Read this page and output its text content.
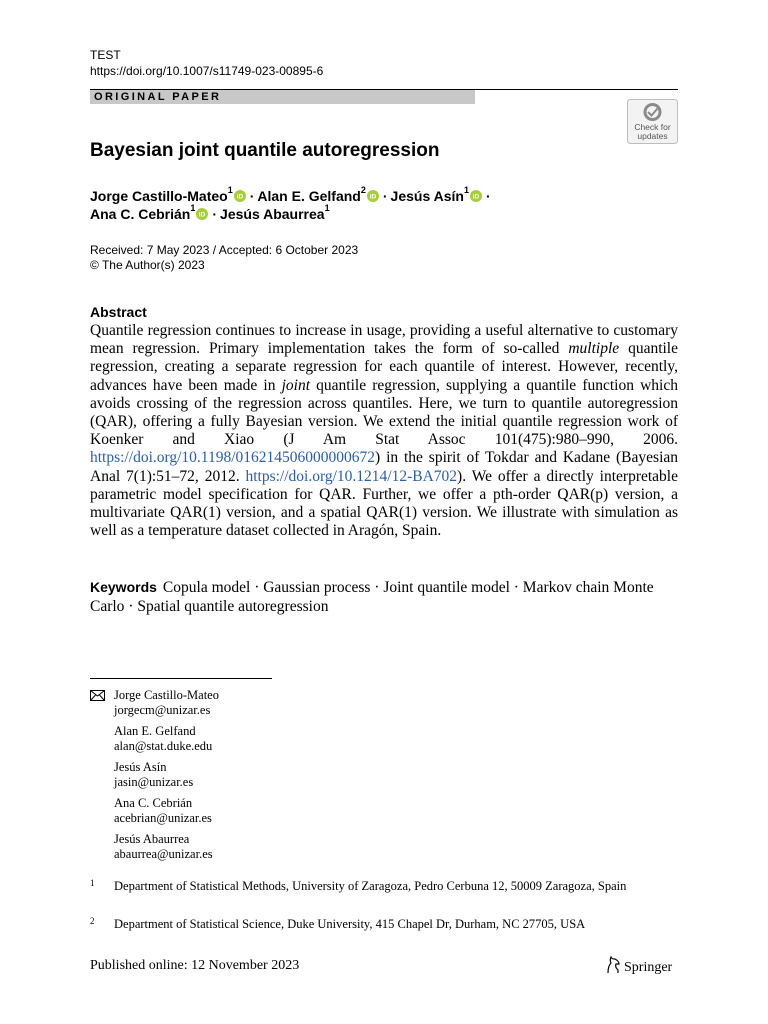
TEST
https://doi.org/10.1007/s11749-023-00895-6
ORIGINAL PAPER
Check for
updates
Bayesian joint quantile autoregression
Jorge Castillo-Mateo$^1$
iD · Alan E. Gelfand$^2$
iD · Jesús Asín$^1$
iD ·
Ana C. Cebrián$^1$
iD · Jesús Abaurrea$^1$
Received: 7 May 2023 / Accepted: 6 October 2023
© The Author(s) 2023
Abstract
Quantile regression continues to increase in usage, providing a useful alternative to customary mean regression. Primary implementation takes the form of so-called multiple quantile regression, creating a separate regression for each quantile of interest. However, recently, advances have been made in joint quantile regression, supplying a quantile function which avoids crossing of the regression across quantiles. Here, we turn to quantile autoregression (QAR), offering a fully Bayesian version. We extend the initial quantile regression work of Koenker and Xiao (J Am Stat Assoc 101(475):980–990, 2006. https://doi.org/10.1198/016214506000000672) in the spirit of Tokdar and Kadane (Bayesian Anal 7(1):51–72, 2012. https://doi.org/10.1214/12-BA702). We offer a directly interpretable parametric model specification for QAR. Further, we offer a pth-order QAR(p) version, a multivariate QAR(1) version, and a spatial QAR(1) version. We illustrate with simulation as well as a temperature dataset collected in Aragón, Spain.
Keywords Copula model · Gaussian process · Joint quantile model · Markov chain Monte Carlo · Spatial quantile autoregression
Jorge Castillo-Mateo
jorgecm@unizar.es
Alan E. Gelfand
alan@stat.duke.edu
Jesús Asín
jasin@unizar.es
Ana C. Cebrián
acebrian@unizar.es
Jesús Abaurrea
abaurrea@unizar.es
1 Department of Statistical Methods, University of Zaragoza, Pedro Cerbuna 12, 50009 Zaragoza, Spain
2 Department of Statistical Science, Duke University, 415 Chapel Dr, Durham, NC 27705, USA
Published online: 12 November 2023	Springer
